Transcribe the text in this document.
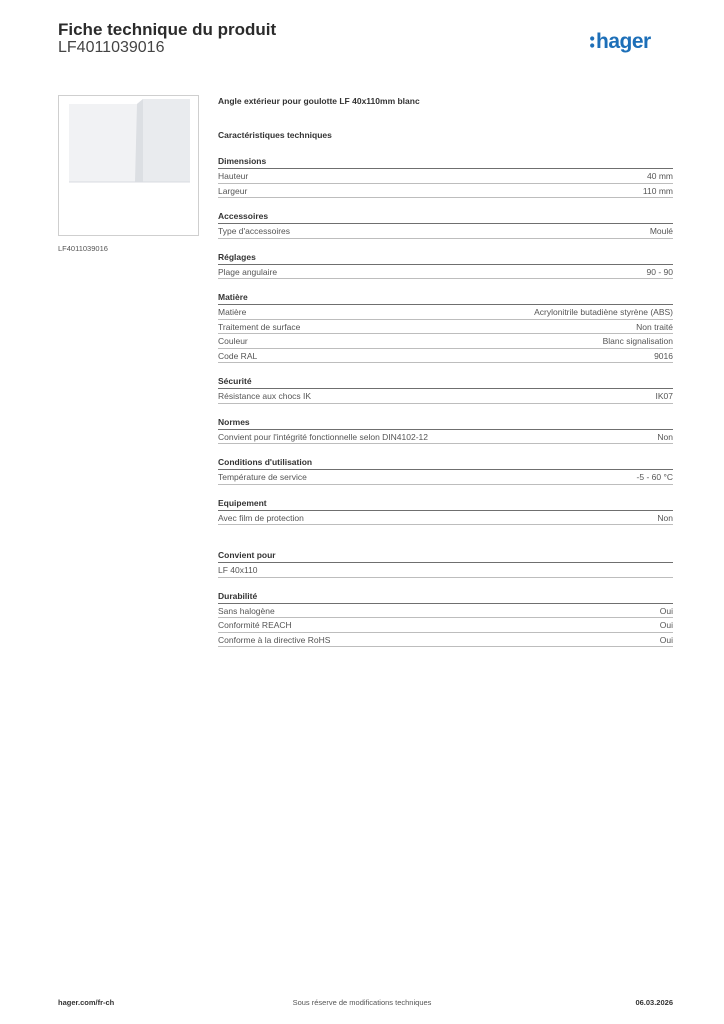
Fiche technique du produit
LF4011039016	hager
LF4011039016
Angle extérieur pour goulotte LF 40x110mm blanc
Caractéristiques techniques
Dimensions
Hauteur	40 mm
Largeur	110 mm
Accessoires
Type d'accessoires	Moulé
Réglages
Plage angulaire	90 - 90
Matière
Matière	Acrylonitrile butadiène styrène (ABS)
Traitement de surface	Non traité
Couleur	Blanc signalisation
Code RAL	9016
Sécurité
Résistance aux chocs IK	IK07
Normes
Convient pour l'intégrité fonctionnelle selon DIN4102-12	Non
Conditions d'utilisation
Température de service	-5 - 60 °C
Equipement
Avec film de protection	Non
Convient pour
LF 40x110
Durabilité
Sans halogène	Oui
Conformité REACH	Oui
Conforme à la directive RoHS	Oui
hager.com/fr-ch	Sous réserve de modifications techniques	06.03.2026
